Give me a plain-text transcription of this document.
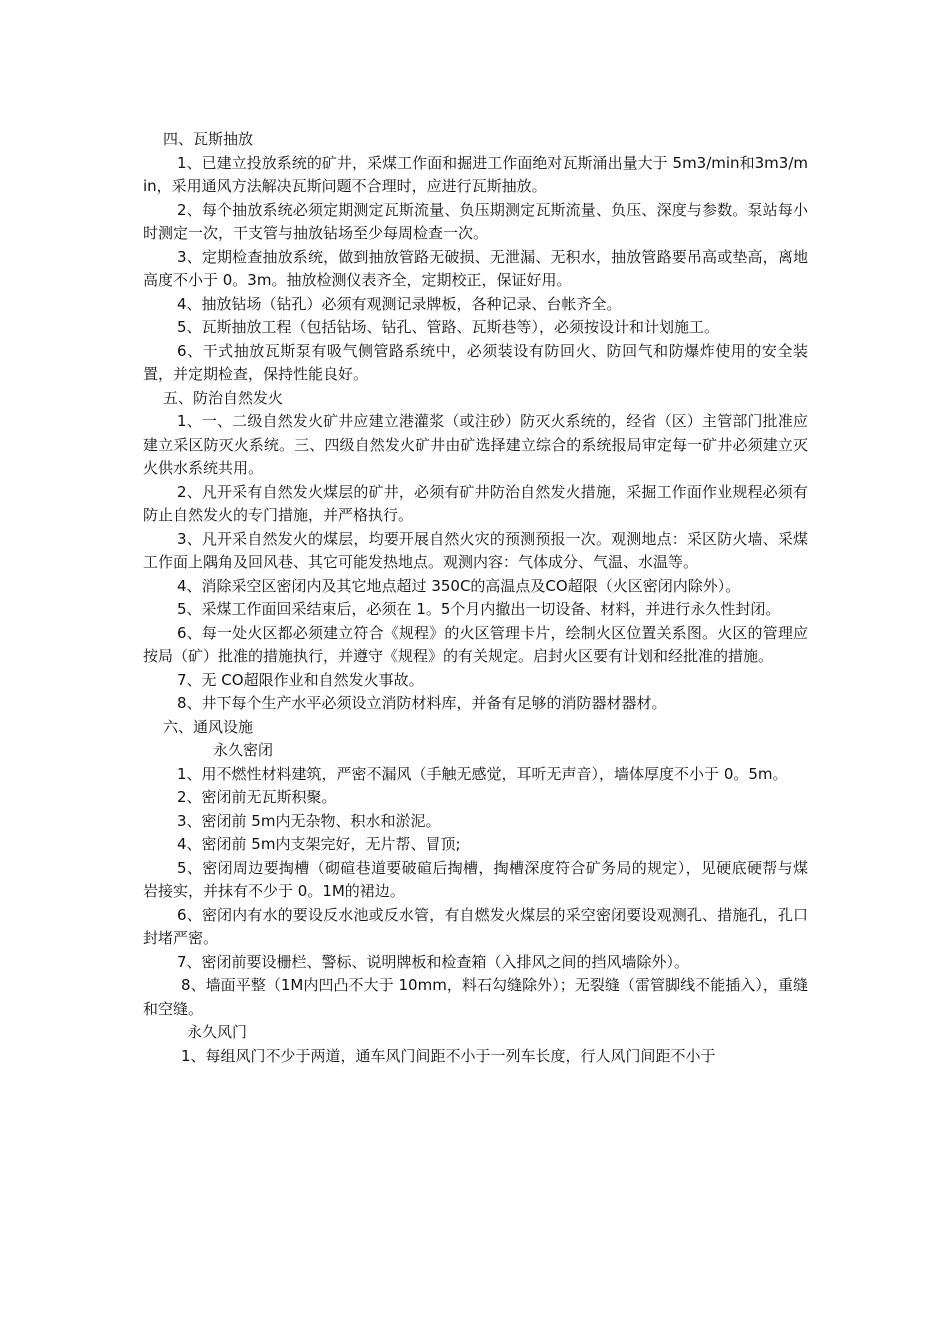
四、瓦斯抽放

1、已建立投放系统的矿井，采煤工作面和掘进工作面绝对瓦斯涌出量大于 5m3/min和3m3/min，采用通风方法解决瓦斯问题不合理时，应进行瓦斯抽放。

2、每个抽放系统必须定期测定瓦斯流量、负压期测定瓦斯流量、负压、深度与参数。泵站每小时测定一次，干支管与抽放钻场至少每周检查一次。

3、定期检查抽放系统，做到抽放管路无破损、无泄漏、无积水，抽放管路要吊高或垫高，离地高度不小于 0。3m。抽放检测仪表齐全，定期校正，保证好用。

4、抽放钻场（钻孔）必须有观测记录牌板，各种记录、台帐齐全。

5、瓦斯抽放工程（包括钻场、钻孔、管路、瓦斯巷等），必须按设计和计划施工。

6、干式抽放瓦斯泵有吸气侧管路系统中，必须装设有防回火、防回气和防爆炸使用的安全装置，并定期检查，保持性能良好。

五、防治自然发火

1、一、二级自然发火矿井应建立港灌浆（或注砂）防灭火系统的，经省（区）主管部门批准应建立采区防灭火系统。三、四级自然发火矿井由矿选择建立综合的系统报局审定每一矿井必须建立灭火供水系统共用。

2、凡开采有自然发火煤层的矿井，必须有矿井防治自然发火措施，采掘工作面作业规程必须有防止自然发火的专门措施，并严格执行。

3、凡开采自然发火的煤层，均要开展自然火灾的预测预报一次。观测地点：采区防火墙、采煤工作面上隅角及回风巷、其它可能发热地点。观测内容：气体成分、气温、水温等。

4、消除采空区密闭内及其它地点超过 350C的高温点及CO超限（火区密闭内除外）。

5、采煤工作面回采结束后，必须在 1。5个月内撤出一切设备、材料，并进行永久性封闭。

6、每一处火区都必须建立符合《规程》的火区管理卡片，绘制火区位置关系图。火区的管理应按局（矿）批准的措施执行，并遵守《规程》的有关规定。启封火区要有计划和经批准的措施。

7、无 CO超限作业和自然发火事故。

8、井下每个生产水平必须设立消防材料库，并备有足够的消防器材器材。

六、通风设施

永久密闭

1、用不燃性材料建筑，严密不漏风（手触无感觉，耳听无声音），墙体厚度不小于 0。5m。

2、密闭前无瓦斯积聚。

3、密闭前 5m内无杂物、积水和淤泥。

4、密闭前 5m内支架完好，无片帮、冒顶;

5、密闭周边要掏槽（砌碹巷道要破碹后掏槽，掏槽深度符合矿务局的规定），见硬底硬帮与煤岩接实，并抹有不少于 0。1M的裙边。

6、密闭内有水的要设反水池或反水管，有自燃发火煤层的采空密闭要设观测孔、措施孔，孔口封堵严密。

7、密闭前要设栅栏、警标、说明牌板和检查箱（入排风之间的挡风墙除外）。

8、墙面平整（1M内凹凸不大于 10mm，料石勾缝除外）；无裂缝（雷管脚线不能插入），重缝和空缝。

永久风门

1、每组风门不少于两道，通车风门间距不小于一列车长度，行人风门间距不小于
